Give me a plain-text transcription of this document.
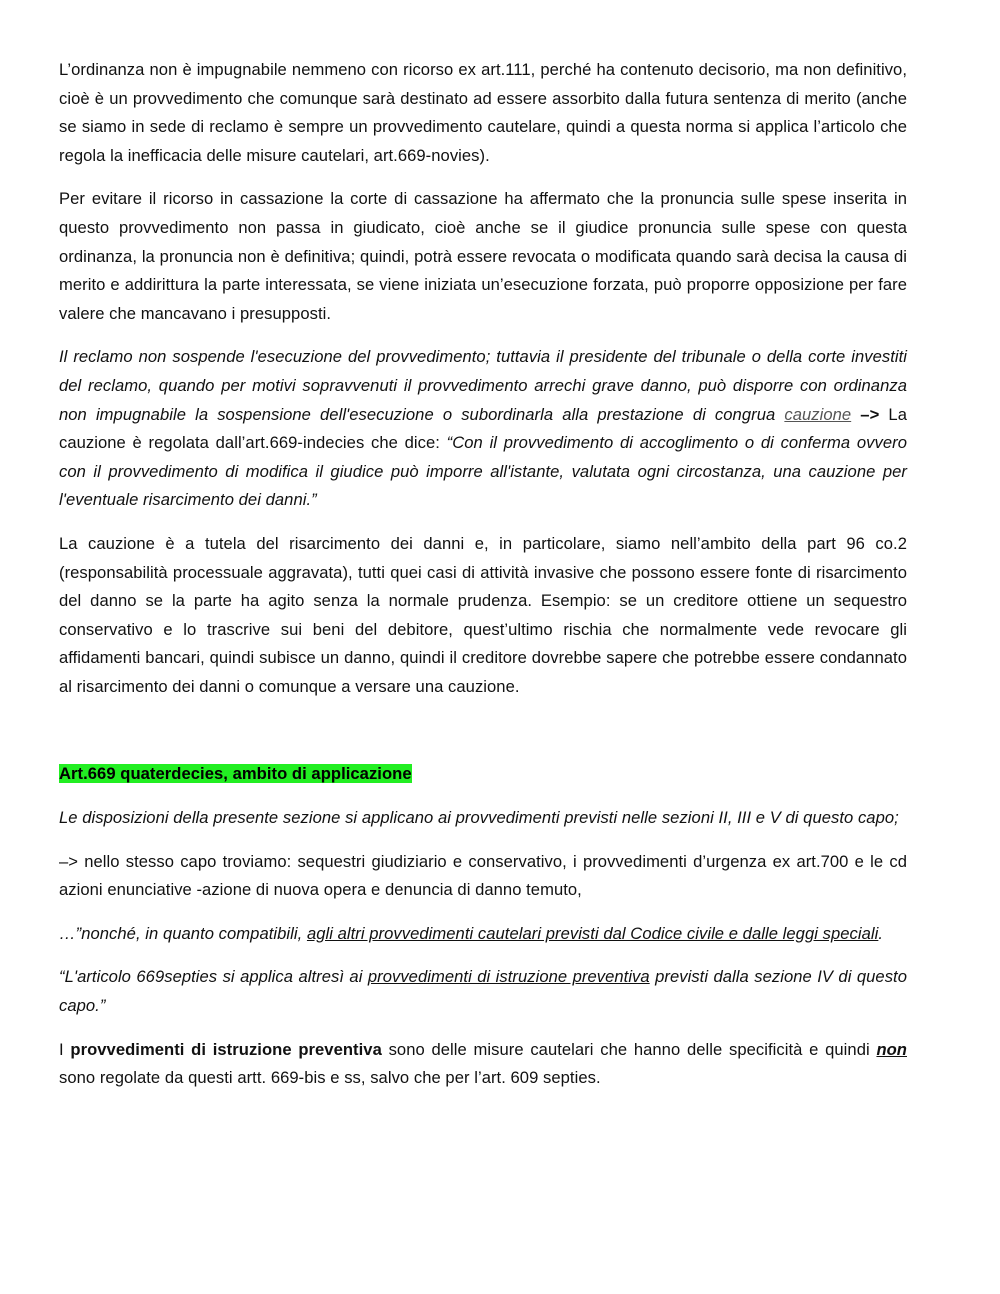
L’ordinanza non è impugnabile nemmeno con ricorso ex art.111, perché ha contenuto decisorio, ma non definitivo, cioè è un provvedimento che comunque sarà destinato ad essere assorbito dalla futura sentenza di merito (anche se siamo in sede di reclamo è sempre un provvedimento cautelare, quindi a questa norma si applica l’articolo che regola la inefficacia delle misure cautelari, art.669-novies).

Per evitare il ricorso in cassazione la corte di cassazione ha affermato che la pronuncia sulle spese inserita in questo provvedimento non passa in giudicato, cioè anche se il giudice pronuncia sulle spese con questa ordinanza, la pronuncia non è definitiva; quindi, potrà essere revocata o modificata quando sarà decisa la causa di merito e addirittura la parte interessata, se viene iniziata un’esecuzione forzata, può proporre opposizione per fare valere che mancavano i presupposti.

Il reclamo non sospende l'esecuzione del provvedimento; tuttavia il presidente del tribunale o della corte investiti del reclamo, quando per motivi sopravvenuti il provvedimento arrechi grave danno, può disporre con ordinanza non impugnabile la sospensione dell'esecuzione o subordinarla alla prestazione di congrua cauzione –> La cauzione è regolata dall’art.669-indecies che dice: “Con il provvedimento di accoglimento o di conferma ovvero con il provvedimento di modifica il giudice può imporre all'istante, valutata ogni circostanza, una cauzione per l'eventuale risarcimento dei danni.”

La cauzione è a tutela del risarcimento dei danni e, in particolare, siamo nell’ambito della part 96 co.2 (responsabilità processuale aggravata), tutti quei casi di attività invasive che possono essere fonte di risarcimento del danno se la parte ha agito senza la normale prudenza. Esempio: se un creditore ottiene un sequestro conservativo e lo trascrive sui beni del debitore, quest’ultimo rischia che normalmente vede revocare gli affidamenti bancari, quindi subisce un danno, quindi il creditore dovrebbe sapere che potrebbe essere condannato al risarcimento dei danni o comunque a versare una cauzione.

Art.669 quaterdecies, ambito di applicazione

Le disposizioni della presente sezione si applicano ai provvedimenti previsti nelle sezioni II, III e V di questo capo;

–> nello stesso capo troviamo: sequestri giudiziario e conservativo, i provvedimenti d’urgenza ex art.700 e le cd azioni enunciative -azione di nuova opera e denuncia di danno temuto,

…”nonché, in quanto compatibili, agli altri provvedimenti cautelari previsti dal Codice civile e dalle leggi speciali.

“L'articolo 669septies si applica altresì ai provvedimenti di istruzione preventiva previsti dalla sezione IV di questo capo.”

I provvedimenti di istruzione preventiva sono delle misure cautelari che hanno delle specificità e quindi non sono regolate da questi artt. 669-bis e ss, salvo che per l’art. 609 septies.
